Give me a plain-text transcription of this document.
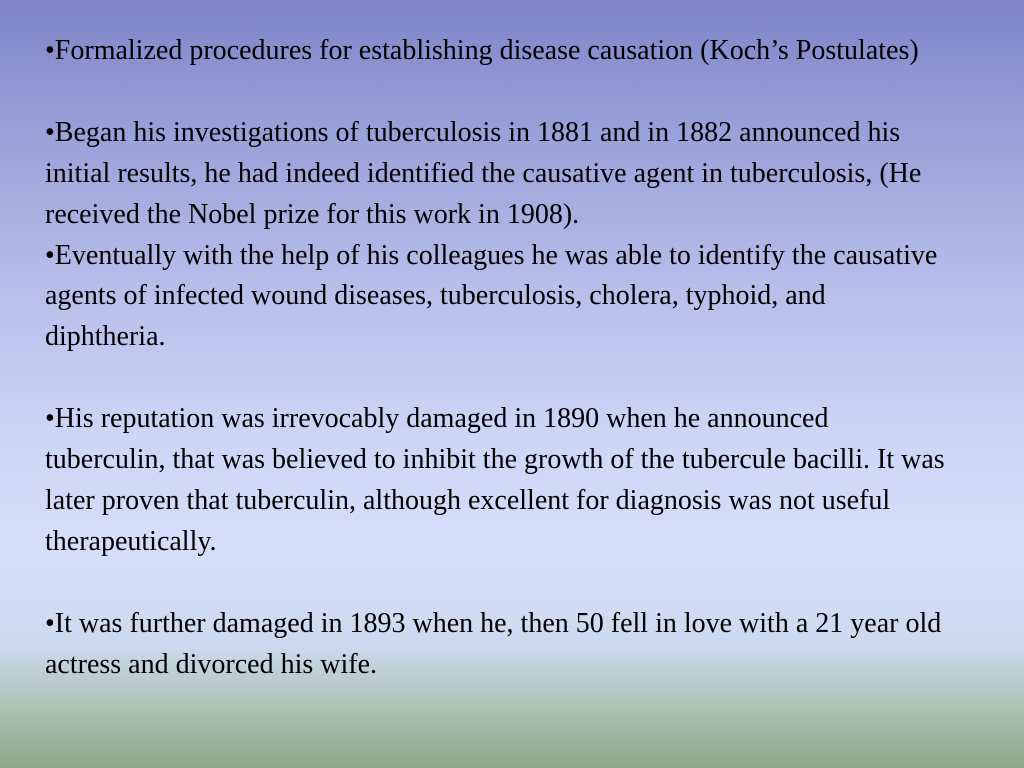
•Formalized procedures for establishing disease causation (Koch’s Postulates)

•Began his investigations of tuberculosis in 1881 and in 1882 announced his initial results, he had indeed identified the causative agent in tuberculosis, (He received the Nobel prize for this work in 1908).

•Eventually with the help of his colleagues he was able to identify the causative agents of infected wound diseases, tuberculosis, cholera, typhoid, and diphtheria.

•His reputation was irrevocably damaged in 1890 when he announced tuberculin, that was believed to inhibit the growth of the tubercule bacilli. It was later proven that tuberculin, although excellent for diagnosis was not useful therapeutically.

•It was further damaged in 1893 when he, then 50 fell in love with a 21 year old actress and divorced his wife.
